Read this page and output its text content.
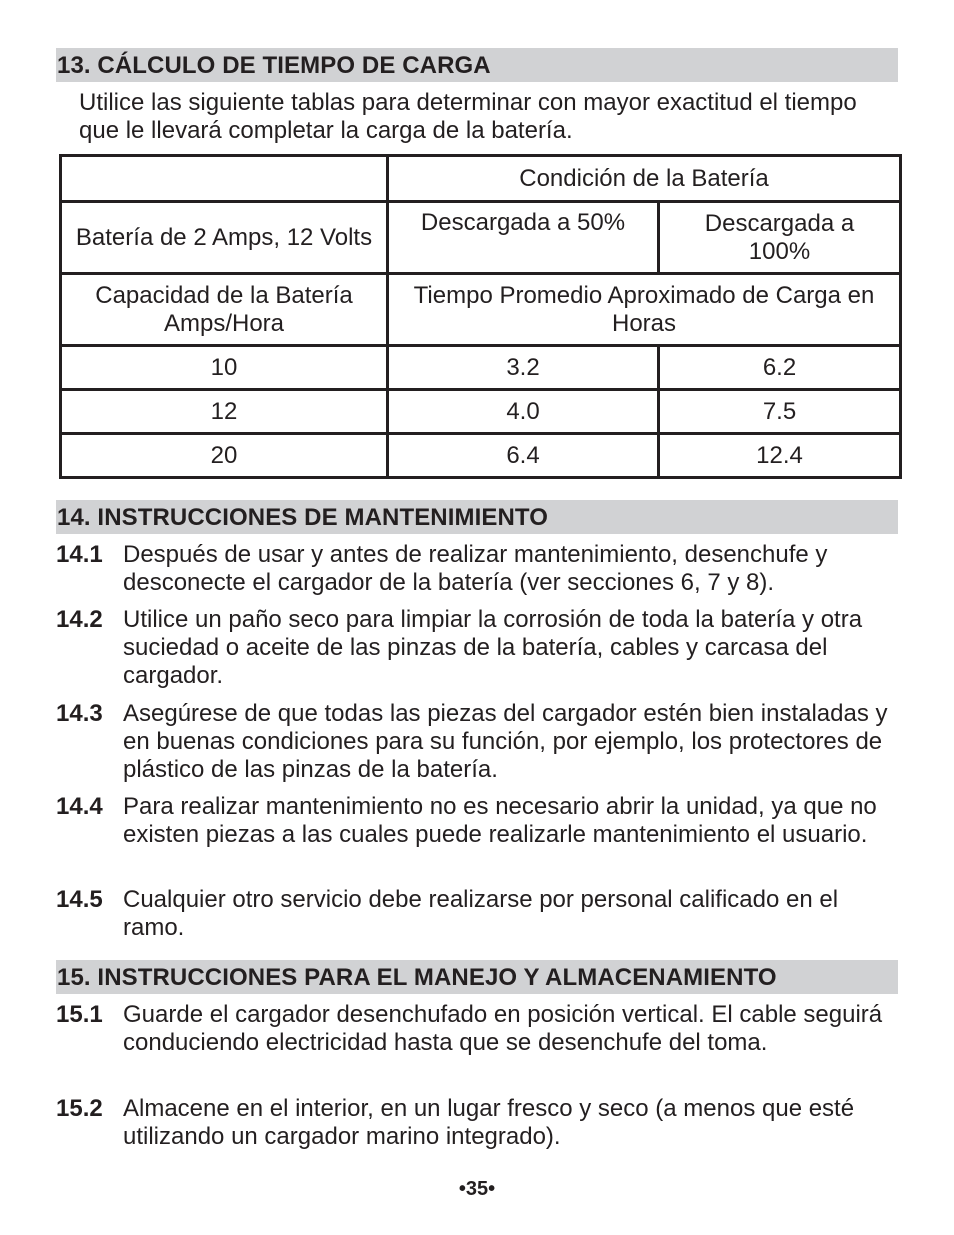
13. CÁLCULO DE TIEMPO DE CARGA
Utilice las siguiente tablas para determinar con mayor exactitud el tiempo que le llevará completar la carga de la batería.
	Condición de la Batería	
Batería de 2 Amps, 12 Volts	Descargada a 50%	Descargada a 100%
Capacidad de la Batería Amps/Hora	Tiempo Promedio Aproximado de Carga en Horas	
10	3.2	6.2
12	4.0	7.5
20	6.4	12.4
14. INSTRUCCIONES DE MANTENIMIENTO
14.1 Después de usar y antes de realizar mantenimiento, desenchufe y desconecte el cargador de la batería (ver secciones 6, 7 y 8).
14.2 Utilice un paño seco para limpiar la corrosión de toda la batería y otra suciedad o aceite de las pinzas de la batería, cables y carcasa del cargador.
14.3 Asegúrese de que todas las piezas del cargador estén bien instaladas y en buenas condiciones para su función, por ejemplo, los protectores de plástico de las pinzas de la batería.
14.4 Para realizar mantenimiento no es necesario abrir la unidad, ya que no existen piezas a las cuales puede realizarle mantenimiento el usuario.
14.5 Cualquier otro servicio debe realizarse por personal calificado en el ramo.
15. INSTRUCCIONES PARA EL MANEJO Y ALMACENAMIENTO
15.1 Guarde el cargador desenchufado en posición vertical. El cable seguirá conduciendo electricidad hasta que se desenchufe del toma.
15.2 Almacene en el interior, en un lugar fresco y seco (a menos que esté utilizando un cargador marino integrado).
•35•
